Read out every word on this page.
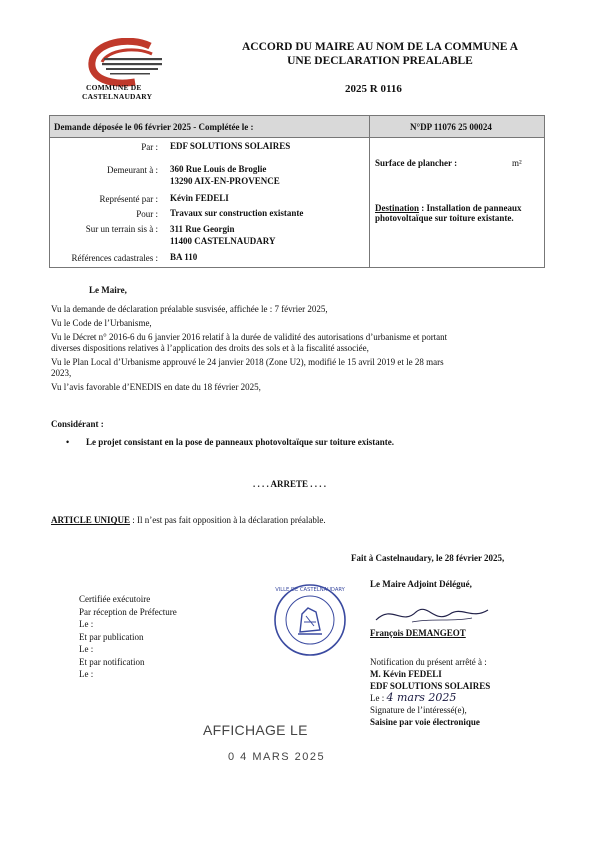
COMMUNE DE
CASTELNAUDARY
ACCORD DU MAIRE AU NOM DE LA COMMUNE A
UNE DECLARATION PREALABLE
2025 R 0116
Demande déposée le 06 février 2025 - Complétée le :	N°DP 11076 25 00024
Par : EDF SOLUTIONS SOLAIRES
Demeurant à : 360 Rue Louis de Broglie
13290 AIX-EN-PROVENCE
Représenté par : Kévin FEDELI
Pour : Travaux sur construction existante
Sur un terrain sis à : 311 Rue Georgin
11400 CASTELNAUDARY
Références cadastrales : BA 110
Surface de plancher :	m²
Destination : Installation de panneaux photovoltaïque sur toiture existante.
Le Maire,
Vu la demande de déclaration préalable susvisée, affichée le : 7 février 2025,
Vu le Code de l’Urbanisme,
Vu le Décret n° 2016-6 du 6 janvier 2016 relatif à la durée de validité des autorisations d’urbanisme et portant
diverses dispositions relatives à l’application des droits des sols et à la fiscalité associée,
Vu le Plan Local d’Urbanisme approuvé le 24 janvier 2018 (Zone U2), modifié le 15 avril 2019 et le 28 mars
2023,
Vu l’avis favorable d’ENEDIS en date du 18 février 2025,
Considérant :
• Le projet consistant en la pose de panneaux photovoltaïque sur toiture existante.
. . . . ARRETE . . . .
ARTICLE UNIQUE : Il n’est pas fait opposition à la déclaration préalable.
Fait à Castelnaudary, le 28 février 2025,
Le Maire Adjoint Délégué,
VILLE DE CASTELNAUDARY
François DEMANGEOT
Certifiée exécutoire
Par réception de Préfecture
Le :
Et par publication
Le :
Et par notification
Le :
Notification du présent arrêté à :
M. Kévin FEDELI
EDF SOLUTIONS SOLAIRES
Le : 4 mars 2025
Signature de l’intéressé(e),
Saisine par voie électronique
AFFICHAGE LE
0 4 MARS 2025
